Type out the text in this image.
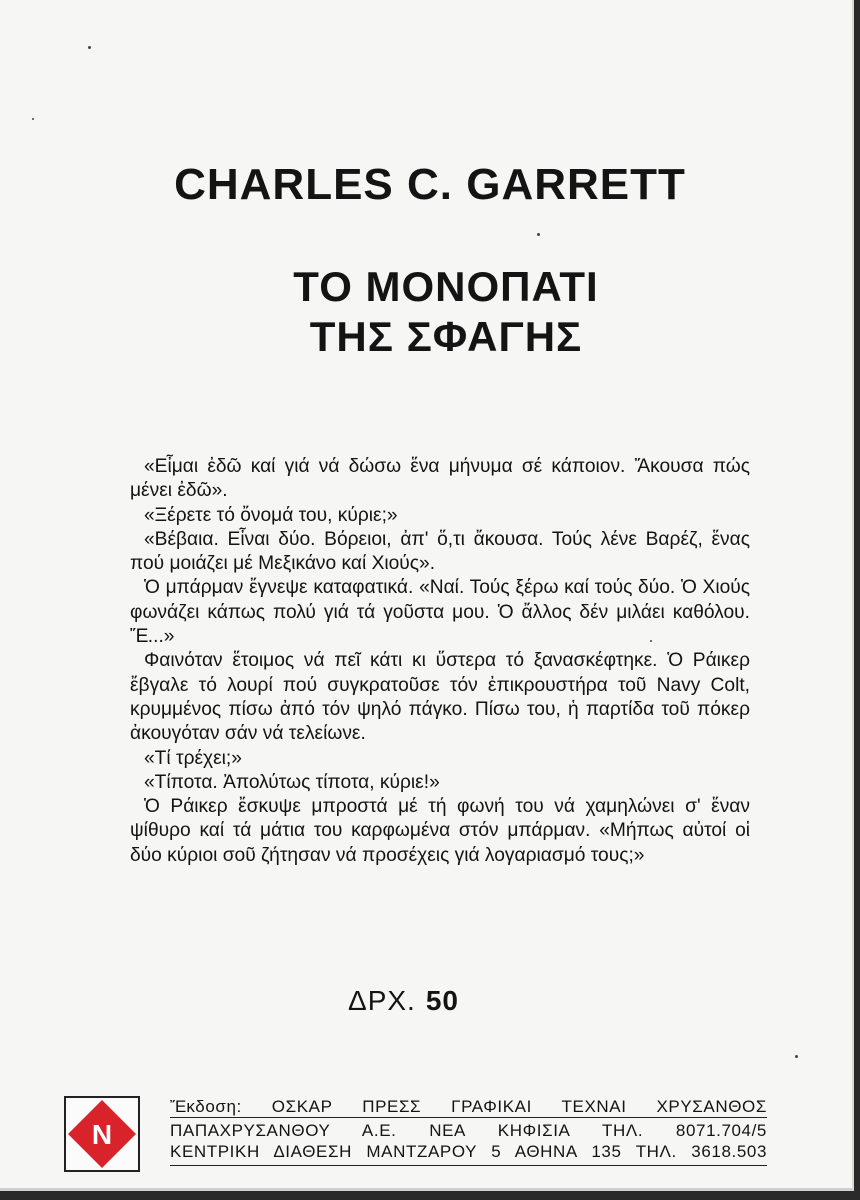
CHARLES C. GARRETT
ΤΟ ΜΟΝΟΠΑΤΙ
ΤΗΣ ΣΦΑΓΗΣ

«Εἶμαι ἐδῶ καί γιά νά δώσω ἕνα μήνυμα σέ κάποιον. Ἄκουσα πώς μένει ἐδῶ».

«Ξέρετε τό ὄνομά του, κύριε;»

«Βέβαια. Εἶναι δύο. Βόρειοι, ἀπ' ὅ,τι ἄκουσα. Τούς λένε Βαρέζ, ἕνας πού μοιάζει μέ Μεξικάνο καί Χιούς».

Ὁ μπάρμαν ἔγνεψε καταφατικά. «Ναί. Τούς ξέρω καί τούς δύο. Ὁ Χιούς φωνάζει κάπως πολύ γιά τά γοῦστα μου. Ὁ ἄλλος δέν μιλάει καθόλου. Ἔ...»

Φαινόταν ἕτοιμος νά πεῖ κάτι κι ὕστερα τό ξανασκέφτηκε. Ὁ Ράικερ ἔβγαλε τό λουρί πού συγκρατοῦσε τόν ἐπικρουστήρα τοῦ Navy Colt, κρυμμένος πίσω ἀπό τόν ψηλό πάγκο. Πίσω του, ἡ παρτίδα τοῦ πόκερ ἀκουγόταν σάν νά τελείωνε.

«Τί τρέχει;»

«Τίποτα. Ἀπολύτως τίποτα, κύριε!»

Ὁ Ράικερ ἔσκυψε μπροστά μέ τή φωνή του νά χαμηλώνει σ' ἕναν ψίθυρο καί τά μάτια του καρφωμένα στόν μπάρμαν. «Μήπως αὐτοί οἱ δύο κύριοι σοῦ ζήτησαν νά προσέχεις γιά λογαριασμό τους;»

ΔΡΧ. 50
N
Ἔκδοση: ΟΣΚΑΡ ΠΡΕΣΣ ΓΡΑΦΙΚΑΙ ΤΕΧΝΑΙ ΧΡΥΣΑΝΘΟΣ
ΠΑΠΑΧΡΥΣΑΝΘΟΥ Α.Ε. ΝΕΑ ΚΗΦΙΣΙΑ ΤΗΛ. 8071.704/5
ΚΕΝΤΡΙΚΗ ΔΙΑΘΕΣΗ ΜΑΝΤΖΑΡΟΥ 5 ΑΘΗΝΑ 135 ΤΗΛ. 3618.503
